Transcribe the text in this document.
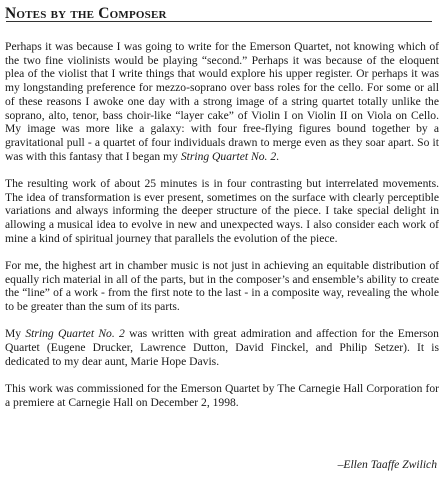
Notes by the Composer

Perhaps it was because I was going to write for the Emerson Quartet, not knowing which of the two fine violinists would be playing “second.” Perhaps it was because of the eloquent plea of the violist that I write things that would explore his upper register. Or perhaps it was my longstanding preference for mezzo-soprano over bass roles for the cello. For some or all of these reasons I awoke one day with a strong image of a string quartet totally unlike the soprano, alto, tenor, bass choir-like “layer cake” of Violin I on Violin II on Viola on Cello. My image was more like a galaxy: with four free-flying figures bound together by a gravitational pull - a quartet of four individuals drawn to merge even as they soar apart. So it was with this fantasy that I began my String Quartet No. 2.

The resulting work of about 25 minutes is in four contrasting but interrelated movements. The idea of transformation is ever present, sometimes on the surface with clearly perceptible variations and always informing the deeper structure of the piece. I take special delight in allowing a musical idea to evolve in new and unexpected ways. I also consider each work of mine a kind of spiritual journey that parallels the evolution of the piece.

For me, the highest art in chamber music is not just in achieving an equitable distribution of equally rich material in all of the parts, but in the composer’s and ensemble’s ability to create the “line” of a work - from the first note to the last - in a composite way, revealing the whole to be greater than the sum of its parts.

My String Quartet No. 2 was written with great admiration and affection for the Emerson Quartet (Eugene Drucker, Lawrence Dutton, David Finckel, and Philip Setzer). It is dedicated to my dear aunt, Marie Hope Davis.

This work was commissioned for the Emerson Quartet by The Carnegie Hall Corporation for a premiere at Carnegie Hall on December 2, 1998.

–Ellen Taaffe Zwilich
